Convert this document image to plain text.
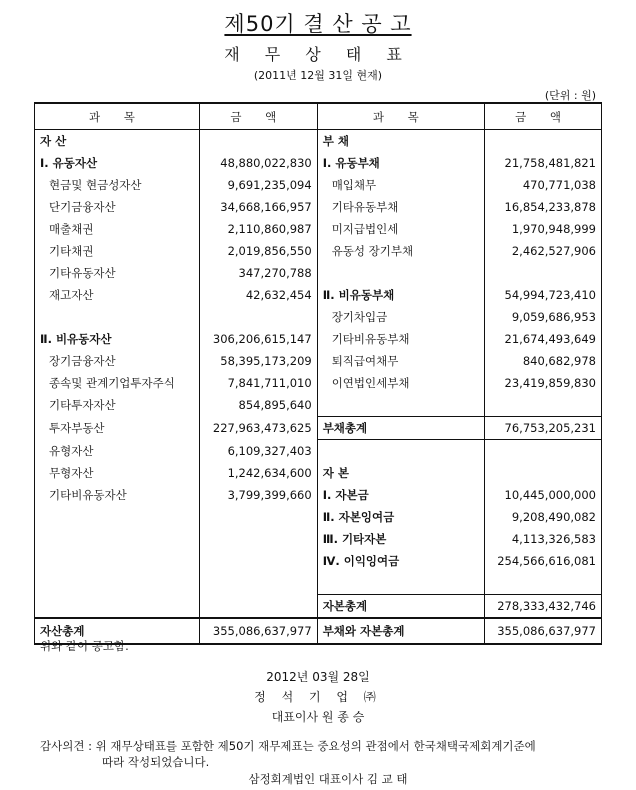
제50기 결 산 공 고
재 무 상 태 표
(2011년 12월 31일 현재)
(단위 : 원)
과 목	금 액	과 목	금 액
자 산		부 채	
Ⅰ. 유동자산	48,880,022,830	Ⅰ. 유동부채	21,758,481,821
현금및 현금성자산	9,691,235,094	매입채무	470,771,038
단기금융자산	34,668,166,957	기타유동부채	16,854,233,878
매출채권	2,110,860,987	미지급법인세	1,970,948,999
기타채권	2,019,856,550	유동성 장기부채	2,462,527,906
기타유동자산	347,270,788		
재고자산	42,632,454	Ⅱ. 비유동부채	54,994,723,410
		장기차입금	9,059,686,953
Ⅱ. 비유동자산	306,206,615,147	기타비유동부채	21,674,493,649
장기금융자산	58,395,173,209	퇴직급여채무	840,682,978
종속및 관계기업투자주식	7,841,711,010	이연법인세부채	23,419,859,830
기타투자자산	854,895,640		
투자부동산	227,963,473,625	부채총계	76,753,205,231
유형자산	6,109,327,403		
무형자산	1,242,634,600	자 본	
기타비유동자산	3,799,399,660	Ⅰ. 자본금	10,445,000,000
		Ⅱ. 자본잉여금	9,208,490,082
		Ⅲ. 기타자본	4,113,326,583
		Ⅳ. 이익잉여금	254,566,616,081

		자본총계	278,333,432,746
자산총계	355,086,637,977	부채와 자본총계	355,086,637,977
위와 같이 공고함.
2012년 03월 28일
정 석 기 업 ㈜
대표이사 원 종 승
감사의견 : 위 재무상태표를 포함한 제50기 재무제표는 중요성의 관점에서 한국채택국제회계기준에
따라 작성되었습니다.
삼정회계법인 대표이사 김 교 태
